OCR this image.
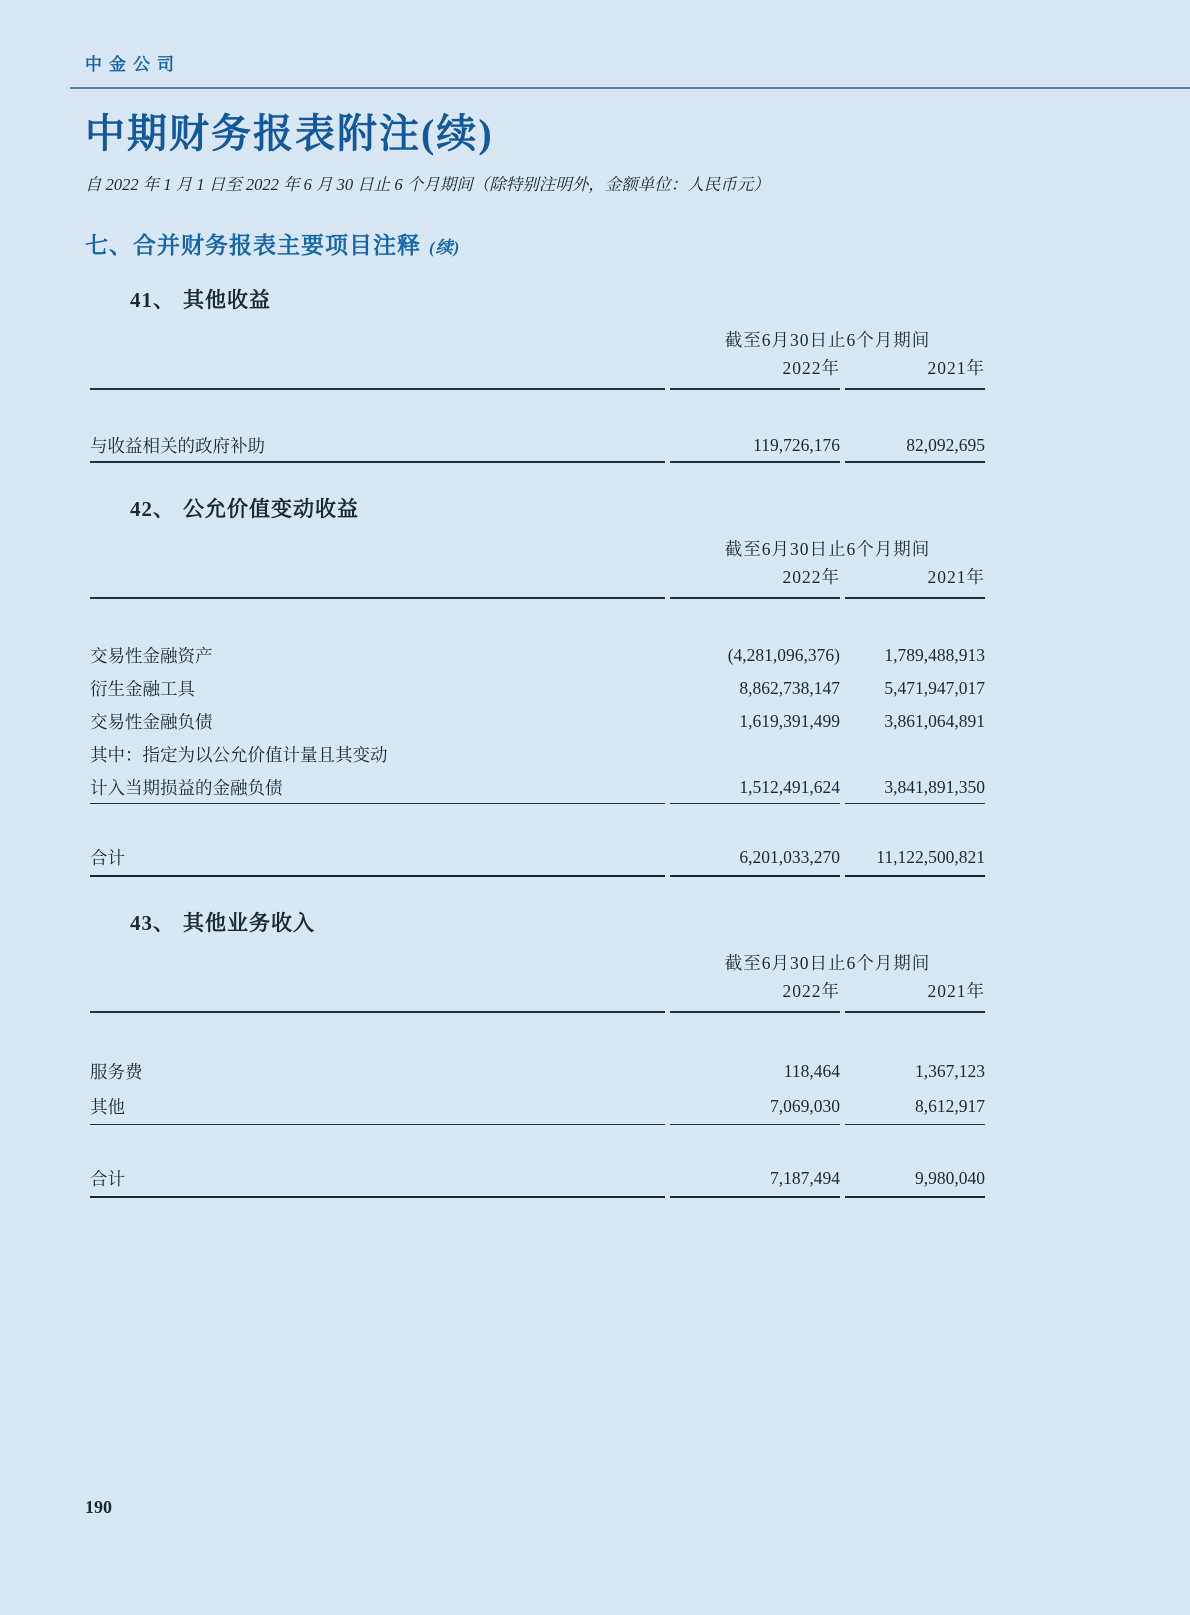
中金公司
中期财务报表附注(续)
自 2022 年 1 月 1 日至 2022 年 6 月 30 日止 6 个月期间（除特别注明外，金额单位：人民币元）
七、合并财务报表主要项目注释 (续)
41、 其他收益
	截至6月30日止6个月期间	
	2022年	2021年

与收益相关的政府补助	119,726,176	82,092,695
42、 公允价值变动收益
	截至6月30日止6个月期间	
	2022年	2021年

交易性金融资产	(4,281,096,376)	1,789,488,913
衍生金融工具	8,862,738,147	5,471,947,017
交易性金融负债	1,619,391,499	3,861,064,891
其中：指定为以公允价值计量且其变动		
计入当期损益的金融负债	1,512,491,624	3,841,891,350

合计	6,201,033,270	11,122,500,821
43、 其他业务收入
	截至6月30日止6个月期间	
	2022年	2021年

服务费	118,464	1,367,123
其他	7,069,030	8,612,917

合计	7,187,494	9,980,040
190
